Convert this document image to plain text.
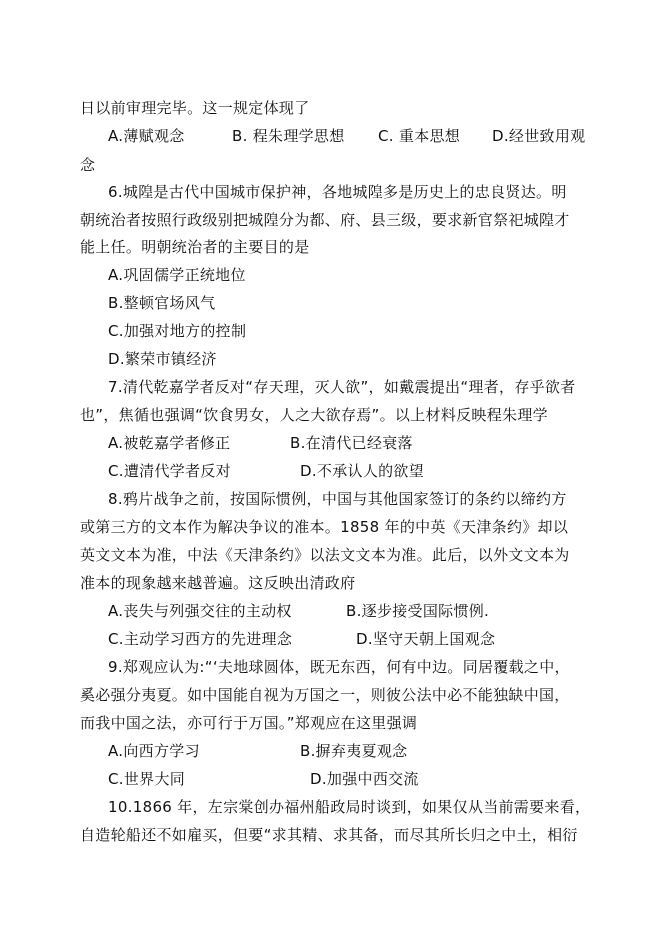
日以前审理完毕。这一规定体现了
A.薄赋观念	B. 程朱理学思想 C. 重本思想 D.经世致用观
念
6.城隍是古代中国城市保护神，各地城隍多是历史上的忠良贤达。明
朝统治者按照行政级别把城隍分为都、府、县三级，要求新官祭祀城隍才
能上任。明朝统治者的主要目的是
A.巩固儒学正统地位
B.整顿官场风气
C.加强对地方的控制
D.繁荣市镇经济
7.清代乾嘉学者反对“存天理，灭人欲”，如戴震提出“理者，存乎欲者
也”，焦循也强调“饮食男女，人之大欲存焉”。以上材料反映程朱理学
A.被乾嘉学者修正	B.在清代已经衰落
C.遭清代学者反对	D.不承认人的欲望
8.鸦片战争之前，按国际惯例，中国与其他国家签订的条约以缔约方
或第三方的文本作为解决争议的准本。1858 年的中英《天津条约》却以
英文文本为准，中法《天津条约》以法文文本为准。此后，以外文文本为
准本的现象越来越普遍。这反映出清政府
A.丧失与列强交往的主动权	B.逐步接受国际惯例.
C.主动学习西方的先进理念	D.坚守天朝上国观念
9.郑观应认为:“‘夫地球圆体，既无东西，何有中边。同居覆载之中，
奚必强分夷夏。如中国能自视为万国之一，则彼公法中必不能独缺中国，
而我中国之法，亦可行于万国。”郑观应在这里强调
A.向西方学习	B.摒弃夷夏观念
C.世界大同	D.加强中西交流
10.1866 年，左宗棠创办福州船政局时谈到，如果仅从当前需要来看，
自造轮船还不如雇买，但要“求其精、求其备，而尽其所长归之中土，相衍
